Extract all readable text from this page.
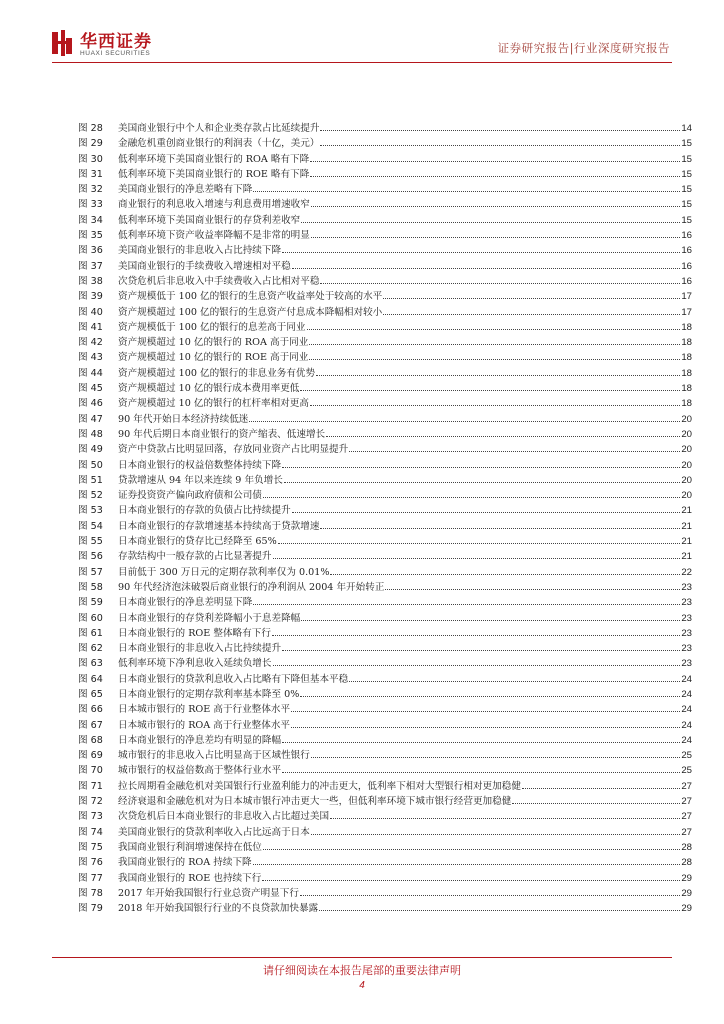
华西证券
HUAXI SECURITIES	证券研究报告|行业深度研究报告
图 28	美国商业银行中个人和企业类存款占比延续提升	14
图 29	金融危机重创商业银行的利润表（十亿，美元）	15
图 30	低利率环境下美国商业银行的 ROA 略有下降	15
图 31	低利率环境下美国商业银行的 ROE 略有下降	15
图 32	美国商业银行的净息差略有下降	15
图 33	商业银行的利息收入增速与利息费用增速收窄	15
图 34	低利率环境下美国商业银行的存贷利差收窄	15
图 35	低利率环境下资产收益率降幅不是非常的明显	16
图 36	美国商业银行的非息收入占比持续下降	16
图 37	美国商业银行的手续费收入增速相对平稳	16
图 38	次贷危机后非息收入中手续费收入占比相对平稳	16
图 39	资产规模低于 100 亿的银行的生息资产收益率处于较高的水平	17
图 40	资产规模超过 100 亿的银行的生息资产付息成本降幅相对较小	17
图 41	资产规模低于 100 亿的银行的息差高于同业	18
图 42	资产规模超过 10 亿的银行的 ROA 高于同业	18
图 43	资产规模超过 10 亿的银行的 ROE 高于同业	18
图 44	资产规模超过 100 亿的银行的非息业务有优势	18
图 45	资产规模超过 10 亿的银行成本费用率更低	18
图 46	资产规模超过 10 亿的银行的杠杆率相对更高	18
图 47	90 年代开始日本经济持续低迷	20
图 48	90 年代后期日本商业银行的资产缩表、低速增长	20
图 49	资产中贷款占比明显回落，存放同业资产占比明显提升	20
图 50	日本商业银行的权益倍数整体持续下降	20
图 51	贷款增速从 94 年以来连续 9 年负增长	20
图 52	证券投资资产偏向政府债和公司债	20
图 53	日本商业银行的存款的负债占比持续提升	21
图 54	日本商业银行的存款增速基本持续高于贷款增速	21
图 55	日本商业银行的贷存比已经降至 65%	21
图 56	存款结构中一般存款的占比显著提升	21
图 57	目前低于 300 万日元的定期存款利率仅为 0.01%	22
图 58	90 年代经济泡沫破裂后商业银行的净利润从 2004 年开始转正	23
图 59	日本商业银行的净息差明显下降	23
图 60	日本商业银行的存贷利差降幅小于息差降幅	23
图 61	日本商业银行的 ROE 整体略有下行	23
图 62	日本商业银行的非息收入占比持续提升	23
图 63	低利率环境下净利息收入延续负增长	23
图 64	日本商业银行的贷款利息收入占比略有下降但基本平稳	24
图 65	日本商业银行的定期存款利率基本降至 0%	24
图 66	日本城市银行的 ROE 高于行业整体水平	24
图 67	日本城市银行的 ROA 高于行业整体水平	24
图 68	日本商业银行的净息差均有明显的降幅	24
图 69	城市银行的非息收入占比明显高于区域性银行	25
图 70	城市银行的权益倍数高于整体行业水平	25
图 71	拉长周期看金融危机对美国银行行业盈利能力的冲击更大，低利率下相对大型银行相对更加稳健	27
图 72	经济衰退和金融危机对为日本城市银行冲击更大一些，但低利率环境下城市银行经营更加稳健	27
图 73	次贷危机后日本商业银行的非息收入占比超过美国	27
图 74	美国商业银行的贷款利率收入占比远高于日本	27
图 75	我国商业银行利润增速保持在低位	28
图 76	我国商业银行的 ROA 持续下降	28
图 77	我国商业银行的 ROE 也持续下行	29
图 78	2017 年开始我国银行行业总资产明显下行	29
图 79	2018 年开始我国银行行业的不良贷款加快暴露	29
请仔细阅读在本报告尾部的重要法律声明
4
